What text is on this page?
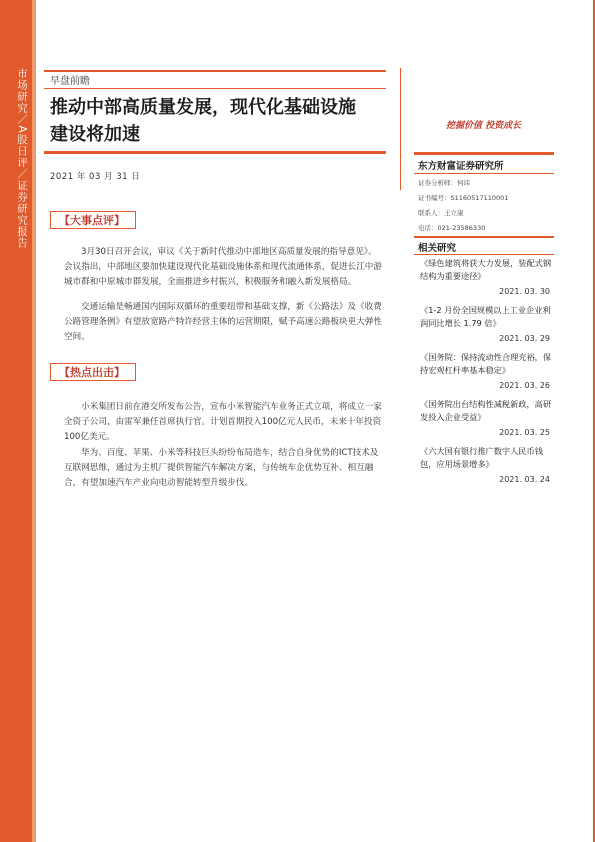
市场研究／A股日评／证券研究报告 早盘前瞻
推动中部高质量发展，现代化基础设施
建设将加速
2021 年 03 月 31 日
挖掘价值 投资成长
东方财富证券研究所
证券分析师：何玮
证书编号：S1160517110001
联系人：王立康
电话：021-23586330
相关研究
《绿色建筑将获大力发展，装配式钢结构为重要途径》
2021. 03. 30
《1-2 月份全国规模以上工业企业利润同比增长 1.79 倍》
2021. 03. 29
《国务院：保持流动性合理充裕，保持宏观杠杆率基本稳定》
2021. 03. 26
《国务院出台结构性减税新政，高研发投入企业受益》
2021. 03. 25
《六大国有银行推广数字人民币钱包，应用场景增多》
2021. 03. 24
【大事点评】
3月30日召开会议，审议《关于新时代推动中部地区高质量发展的指导意见》。会议指出，中部地区要加快建设现代化基础设施体系和现代流通体系，促进长江中游城市群和中原城市群发展，全面推进乡村振兴，积极服务和融入新发展格局。
交通运输是畅通国内国际双循环的重要纽带和基础支撑，新《公路法》及《收费公路管理条例》有望放宽路产特许经营主体的运营期限，赋予高速公路板块更大弹性空间。
【热点出击】
小米集团日前在港交所发布公告，宣布小米智能汽车业务正式立项，将成立一家全资子公司，由雷军兼任首席执行官。计划首期投入100亿元人民币，未来十年投资100亿美元。
华为、百度、苹果、小米等科技巨头纷纷布局造车，结合自身优势的ICT技术及互联网思维，通过为主机厂提供智能汽车解决方案，与传统车企优势互补、相互融合，有望加速汽车产业向电动智能转型升级步伐。
